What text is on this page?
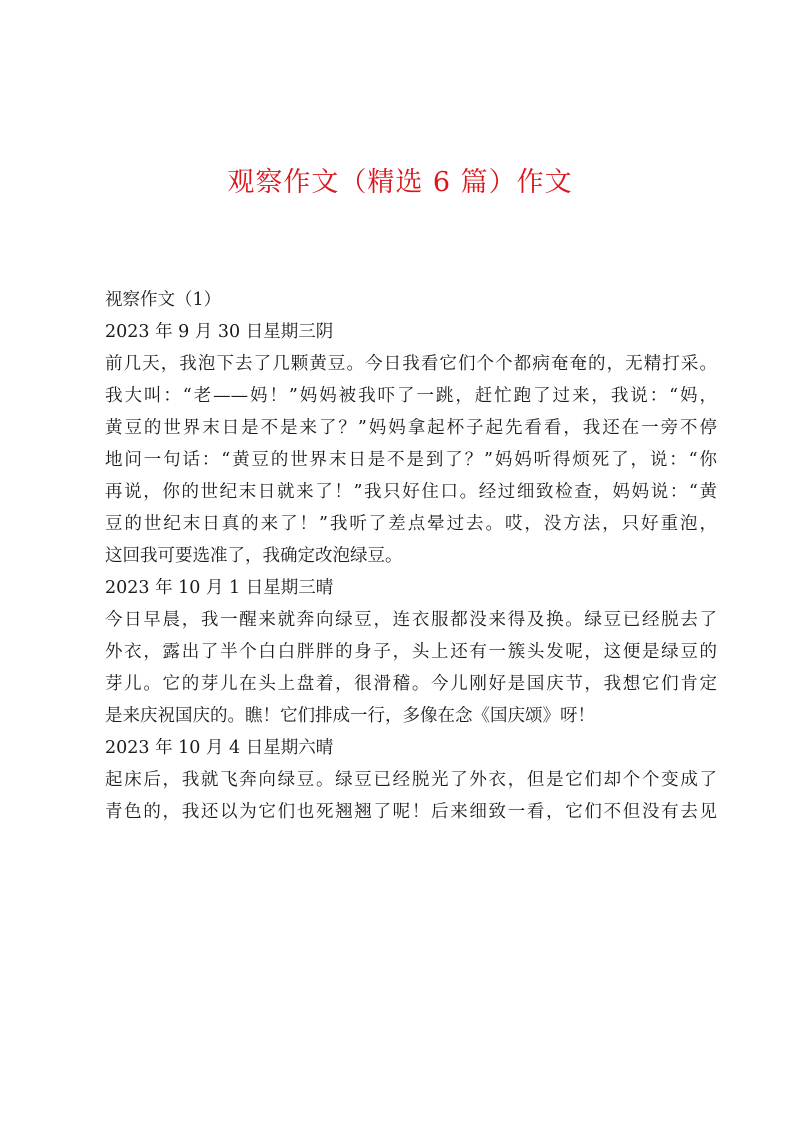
观察作文（精选 6 篇）作文
视察作文（1）
2023 年 9 月 30 日星期三阴
前几天，我泡下去了几颗黄豆。今日我看它们个个都病奄奄的，无精打采。
我大叫：“老——妈！”妈妈被我吓了一跳，赶忙跑了过来，我说：“妈，
黄豆的世界末日是不是来了？”妈妈拿起杯子起先看看，我还在一旁不停
地问一句话：“黄豆的世界末日是不是到了？”妈妈听得烦死了，说：“你
再说，你的世纪末日就来了！”我只好住口。经过细致检查，妈妈说：“黄
豆的世纪末日真的来了！”我听了差点晕过去。哎，没方法，只好重泡，
这回我可要选准了，我确定改泡绿豆。
2023 年 10 月 1 日星期三晴
今日早晨，我一醒来就奔向绿豆，连衣服都没来得及换。绿豆已经脱去了
外衣，露出了半个白白胖胖的身子，头上还有一簇头发呢，这便是绿豆的
芽儿。它的芽儿在头上盘着，很滑稽。今儿刚好是国庆节，我想它们肯定
是来庆祝国庆的。瞧！它们排成一行，多像在念《国庆颂》呀！
2023 年 10 月 4 日星期六晴
起床后，我就飞奔向绿豆。绿豆已经脱光了外衣，但是它们却个个变成了
青色的，我还以为它们也死翘翘了呢！后来细致一看，它们不但没有去见
